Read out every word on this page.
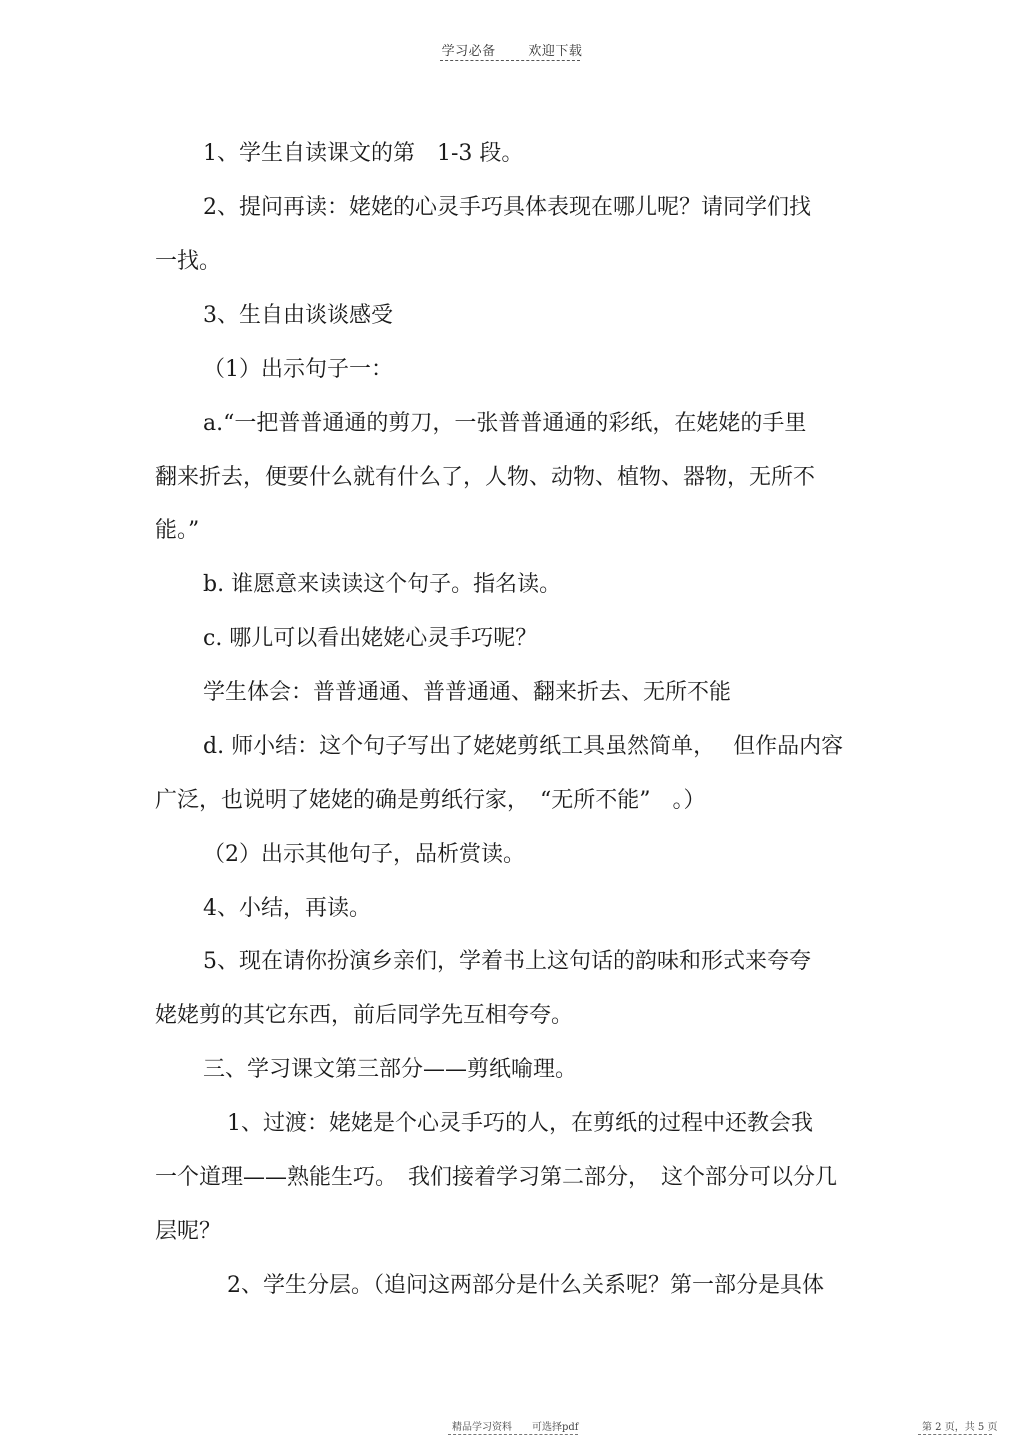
学习必备	欢迎下载
1、学生自读课文的第　1-3 段。
2、提问再读：姥姥的心灵手巧具体表现在哪儿呢？请同学们找
一找。
3、生自由谈谈感受
（1）出示句子一：
a.“一把普普通通的剪刀，一张普普通通的彩纸，在姥姥的手里
翻来折去，便要什么就有什么了，人物、动物、植物、器物，无所不
能。”
b. 谁愿意来读读这个句子。指名读。
c. 哪儿可以看出姥姥心灵手巧呢？
学生体会：普普通通、普普通通、翻来折去、无所不能
d. 师小结：这个句子写出了姥姥剪纸工具虽然简单，　 但作品内容
广泛，也说明了姥姥的确是剪纸行家，　“无所不能”　。）
（2）出示其他句子，品析赏读。
4、小结，再读。
5、现在请你扮演乡亲们，学着书上这句话的韵味和形式来夸夸
姥姥剪的其它东西，前后同学先互相夸夸。
三、学习课文第三部分——剪纸喻理。
1、过渡：姥姥是个心灵手巧的人，在剪纸的过程中还教会我
一个道理——熟能生巧。　我们接着学习第二部分，　这个部分可以分几
层呢？
2、学生分层。（追问这两部分是什么关系呢？第一部分是具体
精品学习资料　　可选择pdf	第 2 页，共 5 页
